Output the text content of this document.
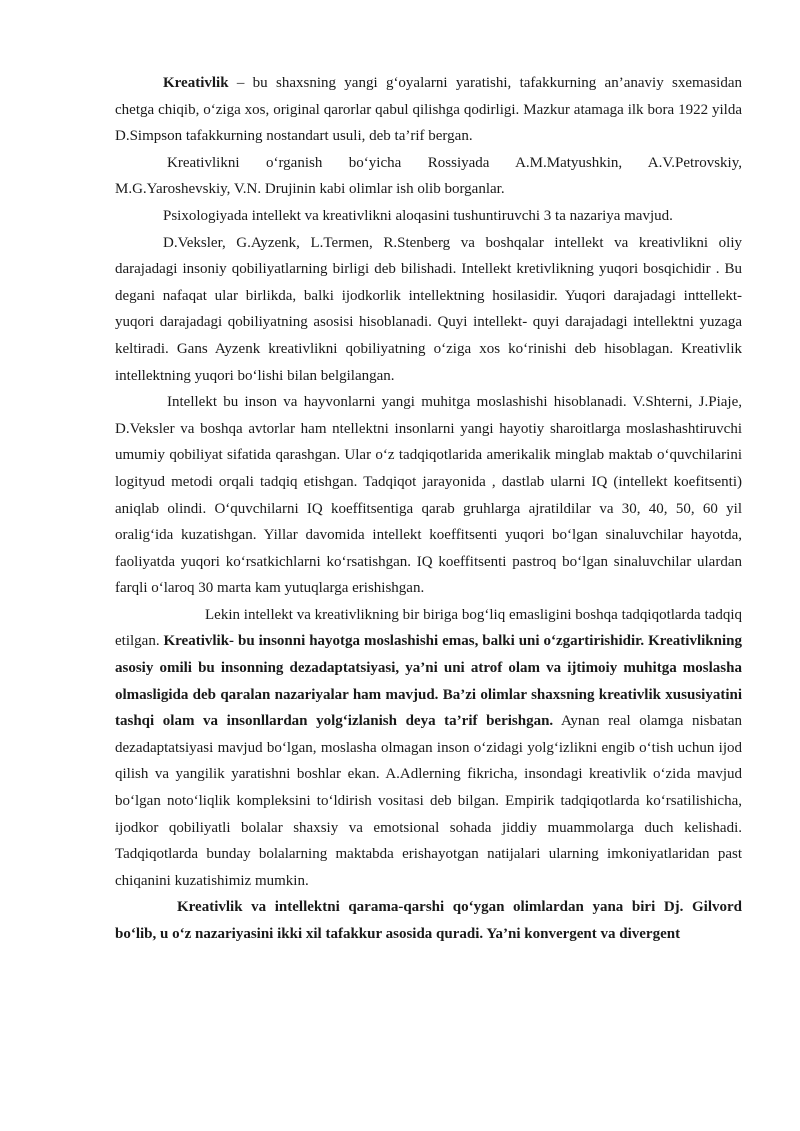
Kreativlik – bu shaxsning yangi g‘oyalarni yaratishi, tafakkurning an’anaviy sxemasidan chetga chiqib, o‘ziga xos, original qarorlar qabul qilishga qodirligi. Mazkur atamaga ilk bora 1922 yilda D.Simpson tafakkurning nostandart usuli, deb ta’rif bergan.

Kreativlikni o‘rganish bo‘yicha Rossiyada A.M.Matyushkin, A.V.Petrovskiy, M.G.Yaroshevskiy, V.N. Drujinin kabi olimlar ish olib borganlar.

Psixologiyada intellekt va kreativlikni aloqasini tushuntiruvchi 3 ta nazariya mavjud.

D.Veksler, G.Ayzenk, L.Termen, R.Stenberg va boshqalar intellekt va kreativlikni oliy darajadagi insoniy qobiliyatlarning birligi deb bilishadi. Intellekt kretivlikning yuqori bosqichidir . Bu degani nafaqat ular birlikda, balki ijodkorlik intellektning hosilasidir. Yuqori darajadagi inttellekt- yuqori darajadagi qobiliyatning asosisi hisoblanadi. Quyi intellekt- quyi darajadagi intellektni yuzaga keltiradi. Gans Ayzenk kreativlikni qobiliyatning o‘ziga xos ko‘rinishi deb hisoblagan. Kreativlik intellektning yuqori bo‘lishi bilan belgilangan.

Intellekt bu inson va hayvonlarni yangi muhitga moslashishi hisoblanadi. V.Shterni, J.Piaje, D.Veksler va boshqa avtorlar ham ntellektni insonlarni yangi hayotiy sharoitlarga moslashashtiruvchi umumiy qobiliyat sifatida qarashgan. Ular o‘z tadqiqotlarida amerikalik minglab maktab o‘quvchilarini logityud metodi orqali tadqiq etishgan. Tadqiqot jarayonida , dastlab ularni IQ (intellekt koefitsenti) aniqlab olindi. O‘quvchilarni IQ koeffitsentiga qarab gruhlarga ajratildilar va 30, 40, 50, 60 yil oralig‘ida kuzatishgan. Yillar davomida intellekt koeffitsenti yuqori bo‘lgan sinaluvchilar hayotda, faoliyatda yuqori ko‘rsatkichlarni ko‘rsatishgan. IQ koeffitsenti pastroq bo‘lgan sinaluvchilar ulardan farqli o‘laroq 30 marta kam yutuqlarga erishishgan.

Lekin intellekt va kreativlikning bir biriga bog‘liq emasligini boshqa tadqiqotlarda tadqiq etilgan. Kreativlik- bu insonni hayotga moslashishi emas, balki uni o‘zgartirishidir. Kreativlikning asosiy omili bu insonning dezadaptatsiyasi, ya’ni uni atrof olam va ijtimoiy muhitga moslasha olmasligida deb qaralan nazariyalar ham mavjud. Ba’zi olimlar shaxsning kreativlik xususiyatini tashqi olam va insonllardan yolg‘izlanish deya ta’rif berishgan. Aynan real olamga nisbatan dezadaptatsiyasi mavjud bo‘lgan, moslasha olmagan inson o‘zidagi yolg‘izlikni engib o‘tish uchun ijod qilish va yangilik yaratishni boshlar ekan. A.Adlerning fikricha, insondagi kreativlik o‘zida mavjud bo‘lgan noto‘liqlik kompleksini to‘ldirish vositasi deb bilgan. Empirik tadqiqotlarda ko‘rsatilishicha, ijodkor qobiliyatli bolalar shaxsiy va emotsional sohada jiddiy muammolarga duch kelishadi. Tadqiqotlarda bunday bolalarning maktabda erishayotgan natijalari ularning imkoniyatlaridan past chiqanini kuzatishimiz mumkin.

Kreativlik va intellektni qarama-qarshi qo‘ygan olimlardan yana biri Dj. Gilvord bo‘lib, u o‘z nazariyasini ikki xil tafakkur asosida quradi. Ya’ni konvergent va divergent
